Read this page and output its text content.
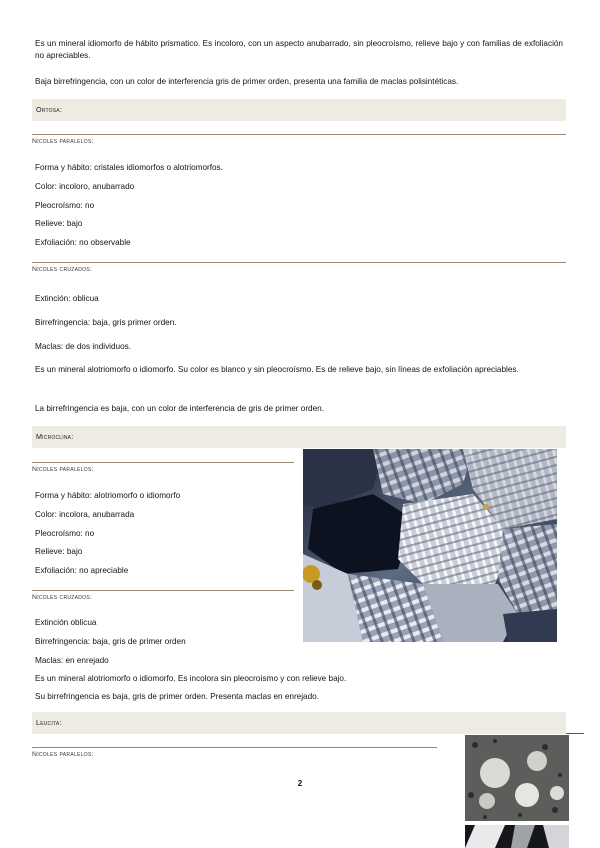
Es un mineral idiomorfo de hábito prismatico. Es incoloro, con un aspecto anubarrado, sin pleocroísmo, relieve bajo y con familias de exfoliación no apreciables.
Baja birrefringencia, con un color de interferencia gris de primer orden, presenta una familia de maclas polisintéticas.
Ortosa:
Nicoles paralelos:
Forma y hábito: cristales idiomorfos o alotriomorfos.
Color: incoloro, anubarrado
Pleocroísmo: no
Relieve: bajo
Exfoliación: no observable
Nicoles cruzados:
Extinción: oblicua
Birrefringencia: baja, gris primer orden.
Maclas: de dos individuos.
Es un mineral alotriomorfo o idiomorfo. Su color es blanco y sin pleocroísmo. Es de relieve bajo, sin líneas de exfoliación apreciables.
La birrefringencia es baja, con un color de interferencia de gris de primer orden.
Microclina:
Nicoles paralelos:
Forma y hábito: alotriomorfo o idiomorfo
Color: incolora, anubarrada
Pleocroísmo: no
Relieve: bajo
Exfoliación: no apreciable
Nicoles cruzados:
Extinción oblicua
Birrefringencia: baja, gris de primer orden
Maclas: en enrejado
Es un mineral alotriomorfo o idiomorfo. Es incolora sin pleocroísmo y con relieve bajo.
Su birrefringencia es baja, gris de primer orden. Presenta maclas en enrejado.
Leucita:
Nicoles paralelos:
2
